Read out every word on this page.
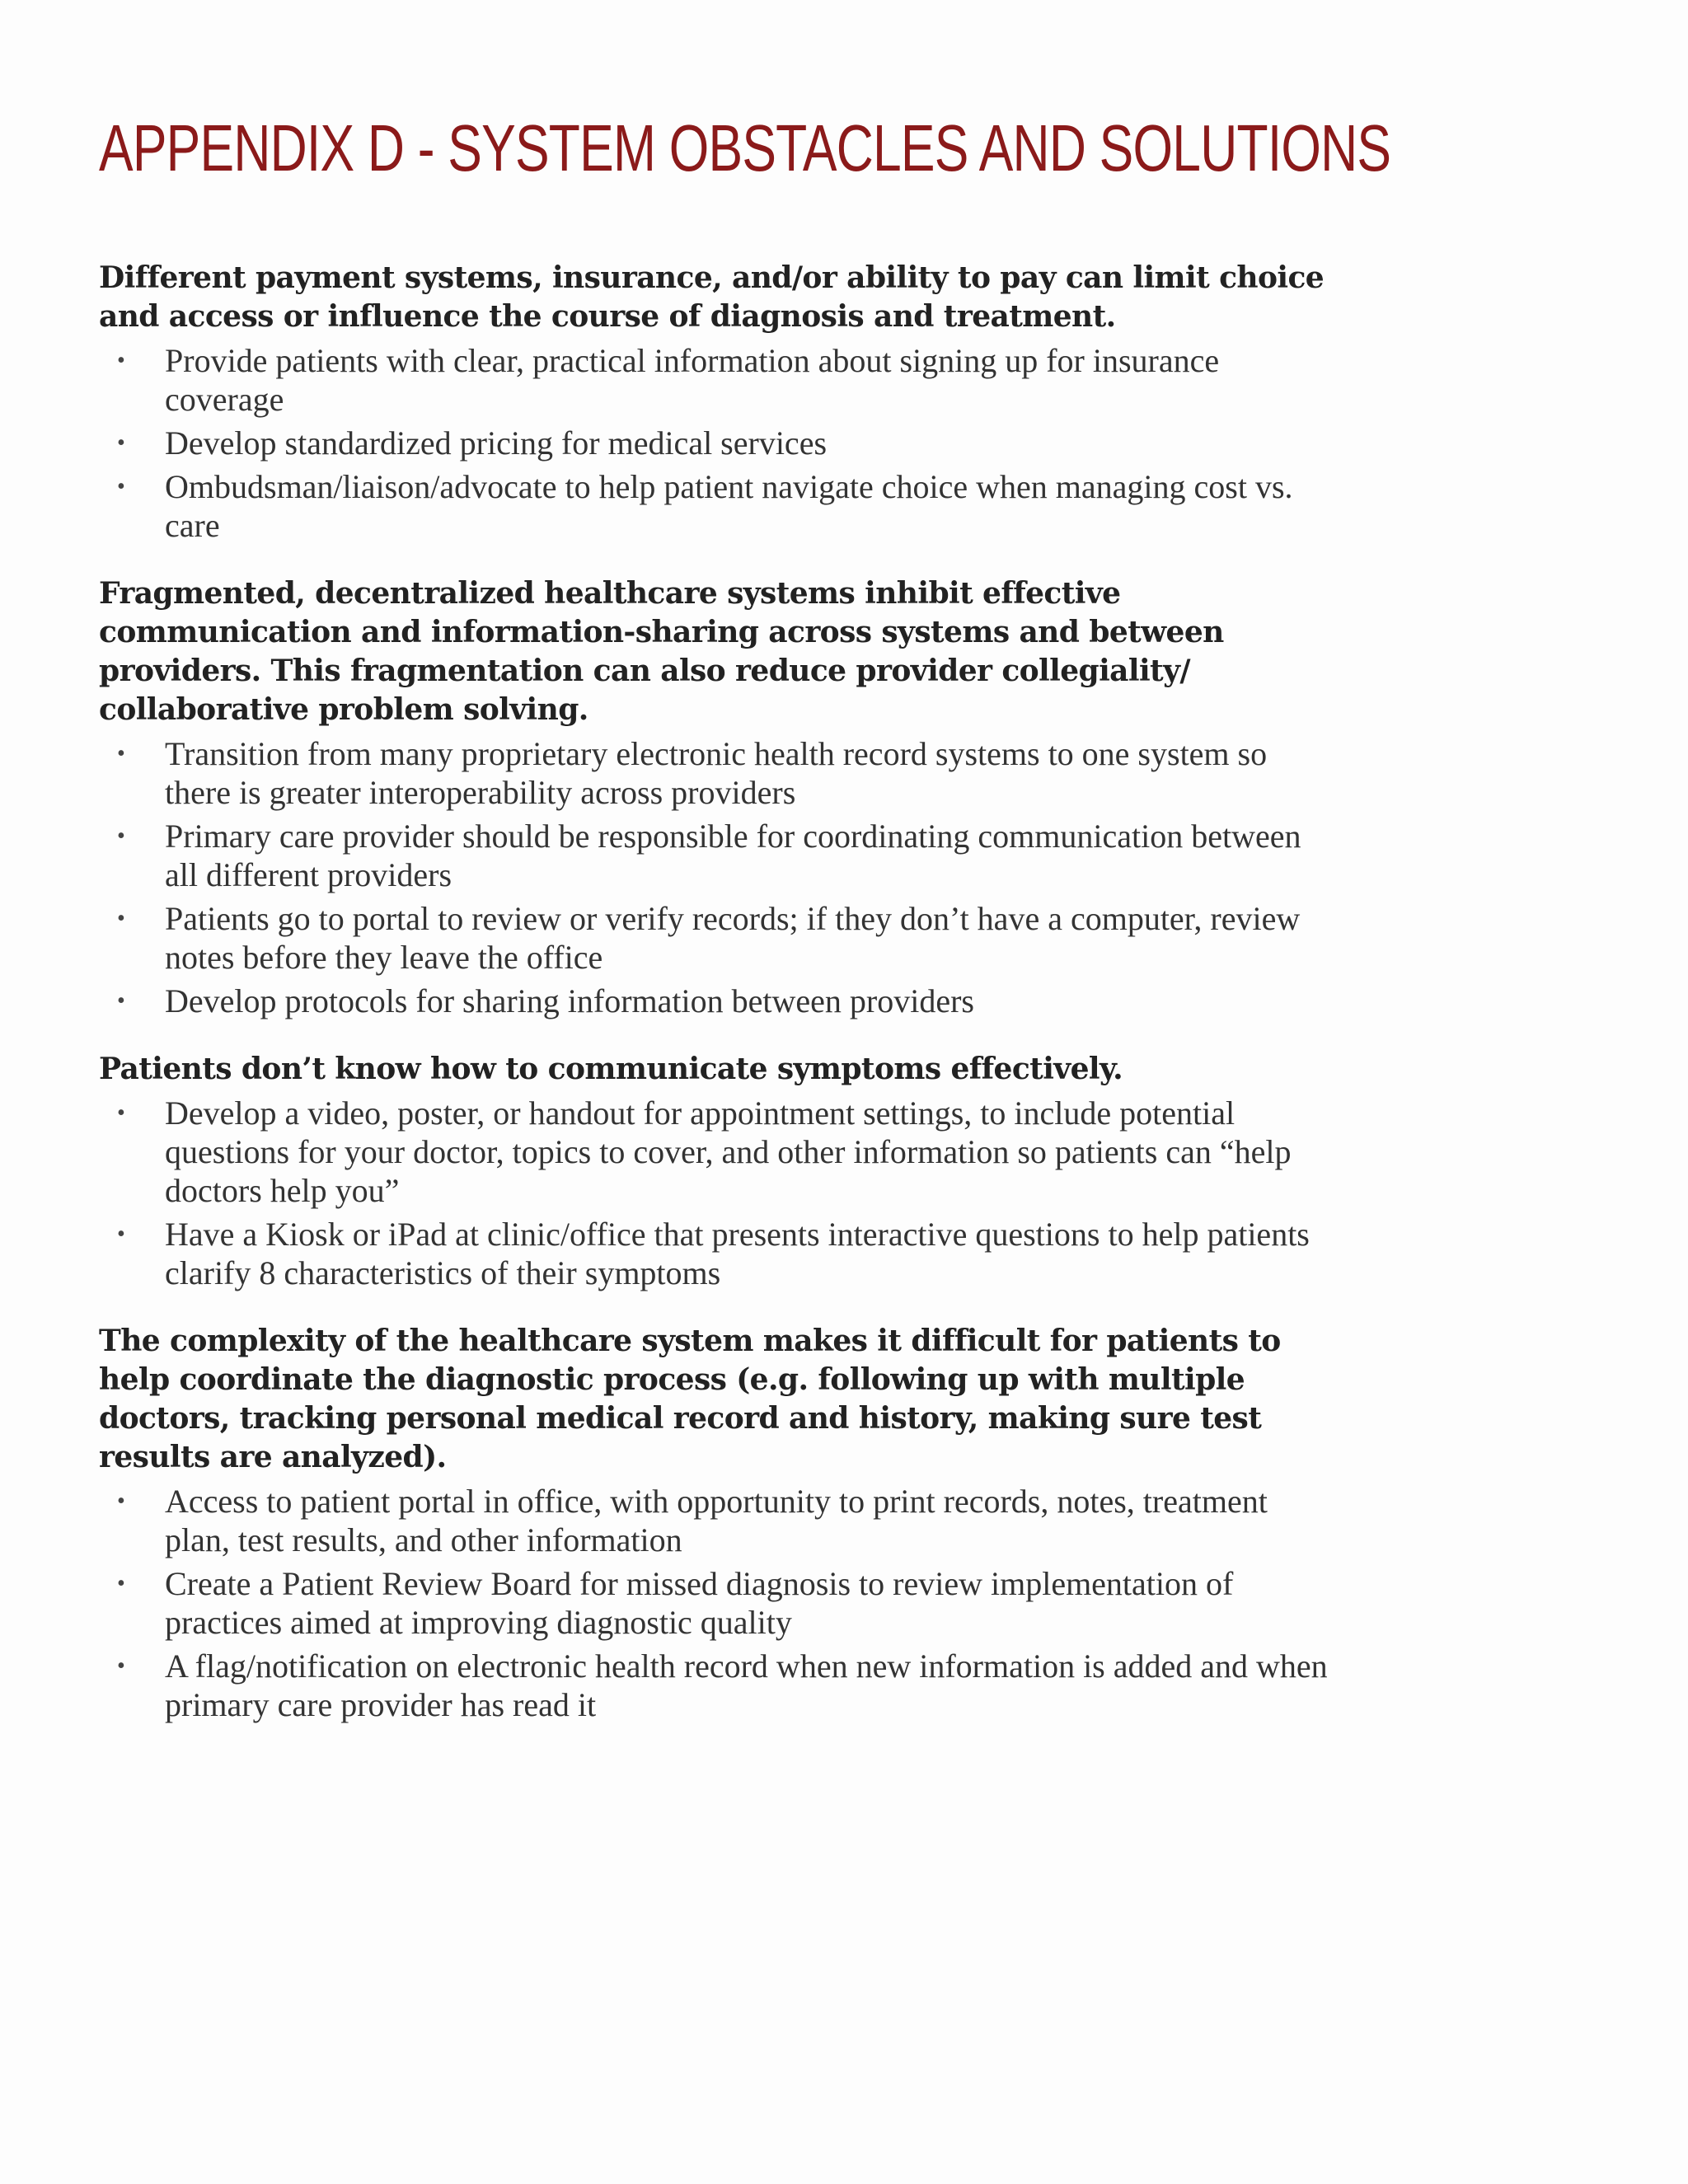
APPENDIX D - SYSTEM OBSTACLES AND SOLUTIONS

Different payment systems, insurance, and/or ability to pay can limit choice and access or influence the course of diagnosis and treatment.

• Provide patients with clear, practical information about signing up for insurance coverage
• Develop standardized pricing for medical services
• Ombudsman/liaison/advocate to help patient navigate choice when managing cost vs. care

Fragmented, decentralized healthcare systems inhibit effective communication and information-sharing across systems and between providers. This fragmentation can also reduce provider collegiality/ collaborative problem solving.

• Transition from many proprietary electronic health record systems to one system so there is greater interoperability across providers
• Primary care provider should be responsible for coordinating communication between all different providers
• Patients go to portal to review or verify records; if they don’t have a computer, review notes before they leave the office
• Develop protocols for sharing information between providers

Patients don’t know how to communicate symptoms effectively.

• Develop a video, poster, or handout for appointment settings, to include potential questions for your doctor, topics to cover, and other information so patients can “help doctors help you”
• Have a Kiosk or iPad at clinic/office that presents interactive questions to help patients clarify 8 characteristics of their symptoms

The complexity of the healthcare system makes it difficult for patients to help coordinate the diagnostic process (e.g. following up with multiple doctors, tracking personal medical record and history, making sure test results are analyzed).

• Access to patient portal in office, with opportunity to print records, notes, treatment plan, test results, and other information
• Create a Patient Review Board for missed diagnosis to review implementation of practices aimed at improving diagnostic quality
• A flag/notification on electronic health record when new information is added and when primary care provider has read it
